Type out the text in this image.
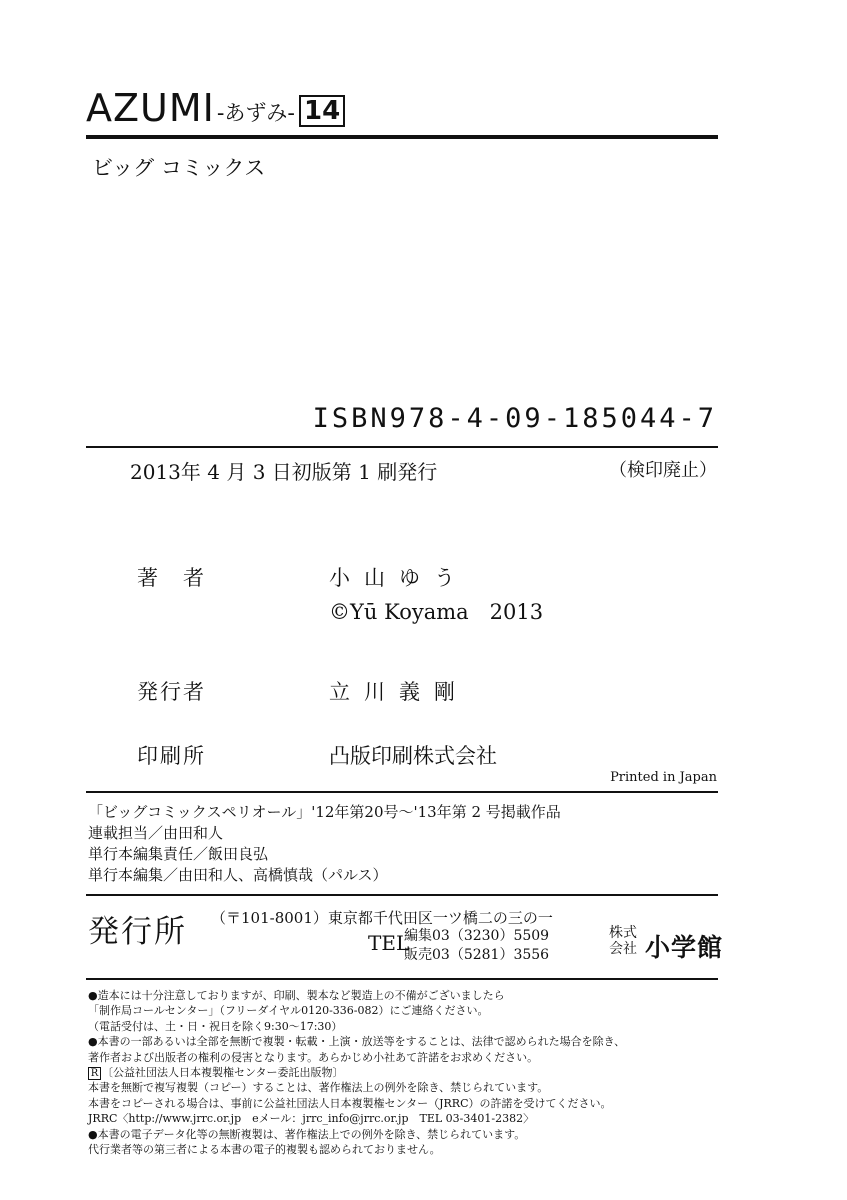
AZUMI -あずみ- 14
ビッグ コミックス
ISBN978-4-09-185044-7
2013年 4 月 3 日初版第 1 刷発行	（検印廃止）
著　者	小山ゆう
©Yū Koyama　2013
発行者	立川義剛
印刷所	凸版印刷株式会社
Printed in Japan
「ビッグコミックスペリオール」'12年第20号〜'13年第 2 号掲載作品
連載担当／由田和人
単行本編集責任／飯田良弘
単行本編集／由田和人、高橋慎哉（パルス）
発行所 （〒101-8001）東京都千代田区一ツ橋二の三の一
TEL
編集03（3230）5509
販売03（5281）3556
株式
会社 小学館
●造本には十分注意しておりますが、印刷、製本など製造上の不備がございましたら
「制作局コールセンター」（フリーダイヤル0120-336-082）にご連絡ください。
（電話受付は、土・日・祝日を除く9:30〜17:30）
●本書の一部あるいは全部を無断で複製・転載・上演・放送等をすることは、法律で認められた場合を除き、
著作者および出版者の権利の侵害となります。あらかじめ小社あて許諾をお求めください。
R 〔公益社団法人日本複製権センター委託出版物〕
本書を無断で複写複製（コピー）することは、著作権法上の例外を除き、禁じられています。
本書をコピーされる場合は、事前に公益社団法人日本複製権センター（JRRC）の許諾を受けてください。
JRRC〈http://www.jrrc.or.jp　eメール：jrrc_info@jrrc.or.jp　TEL 03-3401-2382〉
●本書の電子データ化等の無断複製は、著作権法上での例外を除き、禁じられています。
代行業者等の第三者による本書の電子的複製も認められておりません。
